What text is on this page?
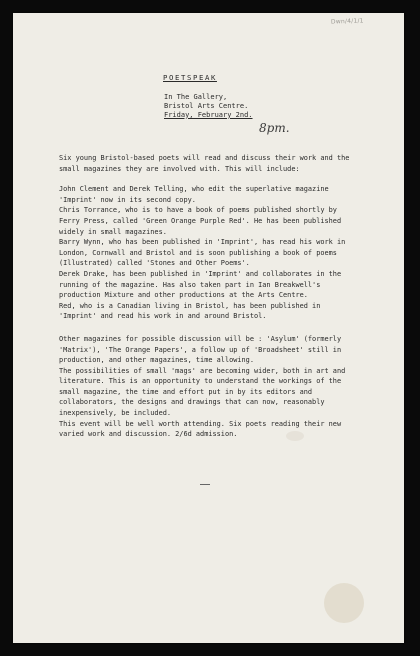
Dwn/4/1/1
POETSPEAK
In The Gallery,
Bristol Arts Centre.
Friday, February 2nd.
8pm.
Six young Bristol-based poets will read and discuss their work and the
small magazines they are involved with. This will include:
John Clement and Derek Telling, who edit the superlative magazine
'Imprint' now in its second copy.
Chris Torrance, who is to have a book of poems published shortly by
Ferry Press, called 'Green Orange Purple Red'. He has been published
widely in small magazines.
Barry Wynn, who has been published in 'Imprint', has read his work in
London, Cornwall and Bristol and is soon publishing a book of poems
(Illustrated) called 'Stones and Other Poems'.
Derek Drake, has been published in 'Imprint' and collaborates in the
running of the magazine. Has also taken part in Ian Breakwell's
production Mixture and other productions at the Arts Centre.
Red, who is a Canadian living in Bristol, has been published in
'Imprint' and read his work in and around Bristol.
Other magazines for possible discussion will be : 'Asylum' (formerly
'Matrix'), 'The Orange Papers', a follow up of 'Broadsheet' still in
production, and other magazines, time allowing.
The possibilities of small 'mags' are becoming wider, both in art and
literature. This is an opportunity to understand the workings of the
small magazine, the time and effort put in by its editors and
collaborators, the designs and drawings that can now, reasonably
inexpensively, be included.
This event will be well worth attending. Six poets reading their new
varied work and discussion. 2/6d admission.
